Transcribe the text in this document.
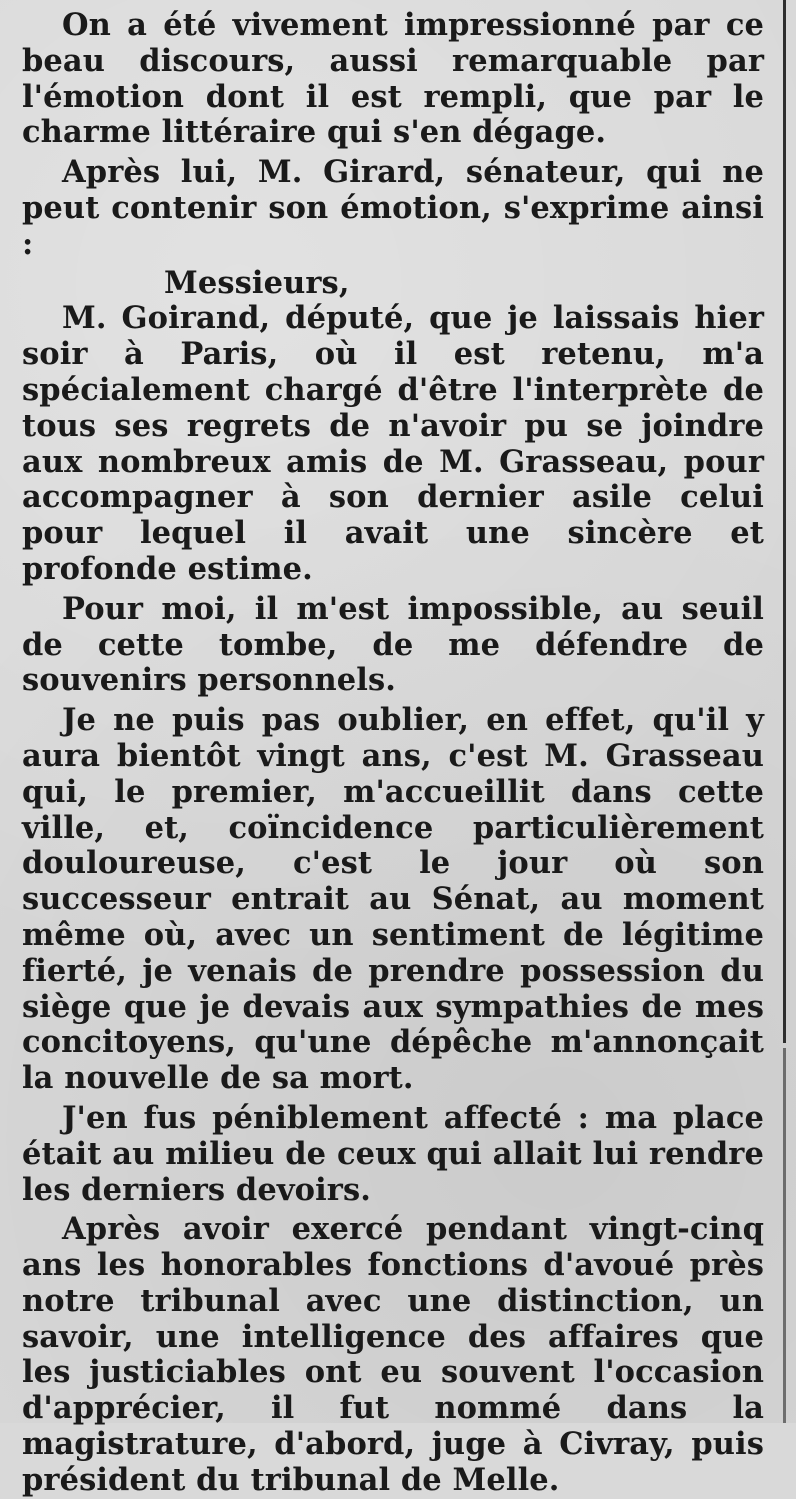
On a été vivement impressionné par ce beau discours, aussi remarquable par l'émotion dont il est rempli, que par le charme littéraire qui s'en dégage.

Après lui, M. Girard, sénateur, qui ne peut contenir son émotion, s'exprime ainsi :

Messieurs,

M. Goirand, député, que je laissais hier soir à Paris, où il est retenu, m'a spécialement chargé d'être l'interprète de tous ses regrets de n'avoir pu se joindre aux nombreux amis de M. Grasseau, pour accompagner à son dernier asile celui pour lequel il avait une sincère et profonde estime.

Pour moi, il m'est impossible, au seuil de cette tombe, de me défendre de souvenirs personnels.

Je ne puis pas oublier, en effet, qu'il y aura bientôt vingt ans, c'est M. Grasseau qui, le premier, m'accueillit dans cette ville, et, coïncidence particulièrement douloureuse, c'est le jour où son successeur entrait au Sénat, au moment même où, avec un sentiment de légitime fierté, je venais de prendre possession du siège que je devais aux sympathies de mes concitoyens, qu'une dépêche m'annonçait la nouvelle de sa mort.

J'en fus péniblement affecté : ma place était au milieu de ceux qui allait lui rendre les derniers devoirs.

Après avoir exercé pendant vingt-cinq ans les honorables fonctions d'avoué près notre tribunal avec une distinction, un savoir, une intelligence des affaires que les justiciables ont eu souvent l'occasion d'apprécier, il fut nommé dans la magistrature, d'abord, juge à Civray, puis président du tribunal de Melle.
